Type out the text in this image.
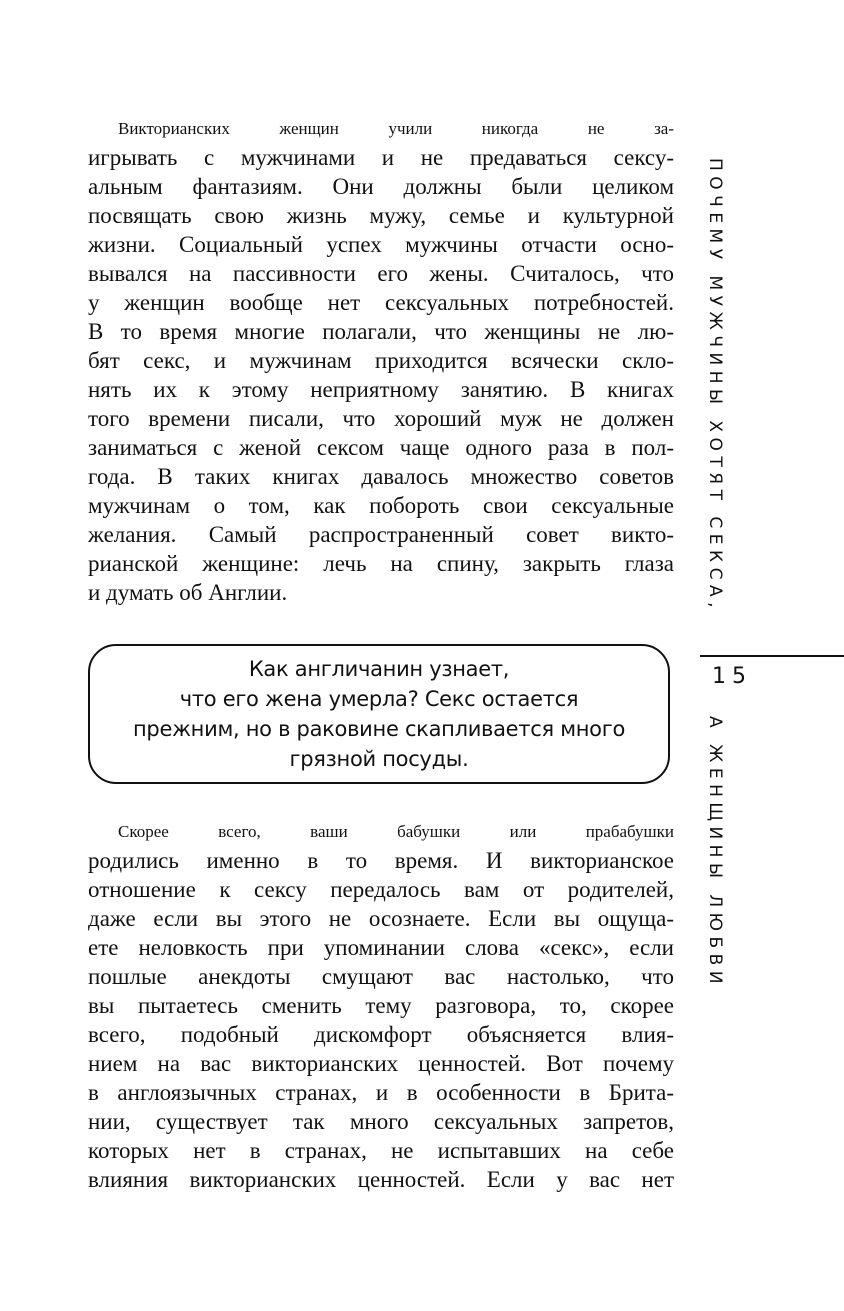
Викторианских женщин учили никогда не за-
игрывать с мужчинами и не предаваться сексу-
альным фантазиям. Они должны были целиком
посвящать свою жизнь мужу, семье и культурной
жизни. Социальный успех мужчины отчасти осно-
вывался на пассивности его жены. Считалось, что
у женщин вообще нет сексуальных потребностей.
В то время многие полагали, что женщины не лю-
бят секс, и мужчинам приходится всячески скло-
нять их к этому неприятному занятию. В книгах
того времени писали, что хороший муж не должен
заниматься с женой сексом чаще одного раза в пол-
года. В таких книгах давалось множество советов
мужчинам о том, как побороть свои сексуальные
желания. Самый распространенный совет викто-
рианской женщине: лечь на спину, закрыть глаза
и думать об Англии.

Как англичанин узнает,
что его жена умерла? Секс остается
прежним, но в раковине скапливается много
грязной посуды.

Скорее всего, ваши бабушки или прабабушки
родились именно в то время. И викторианское
отношение к сексу передалось вам от родителей,
даже если вы этого не осознаете. Если вы ощуща-
ете неловкость при упоминании слова «секс», если
пошлые анекдоты смущают вас настолько, что
вы пытаетесь сменить тему разговора, то, скорее
всего, подобный дискомфорт объясняется влия-
нием на вас викторианских ценностей. Вот почему
в англоязычных странах, и в особенности в Брита-
нии, существует так много сексуальных запретов,
которых нет в странах, не испытавших на себе
влияния викторианских ценностей. Если у вас нет

ПОЧЕМУ МУЖЧИНЫ ХОТЯТ СЕКСА,
15
А ЖЕНЩИНЫ ЛЮБВИ
